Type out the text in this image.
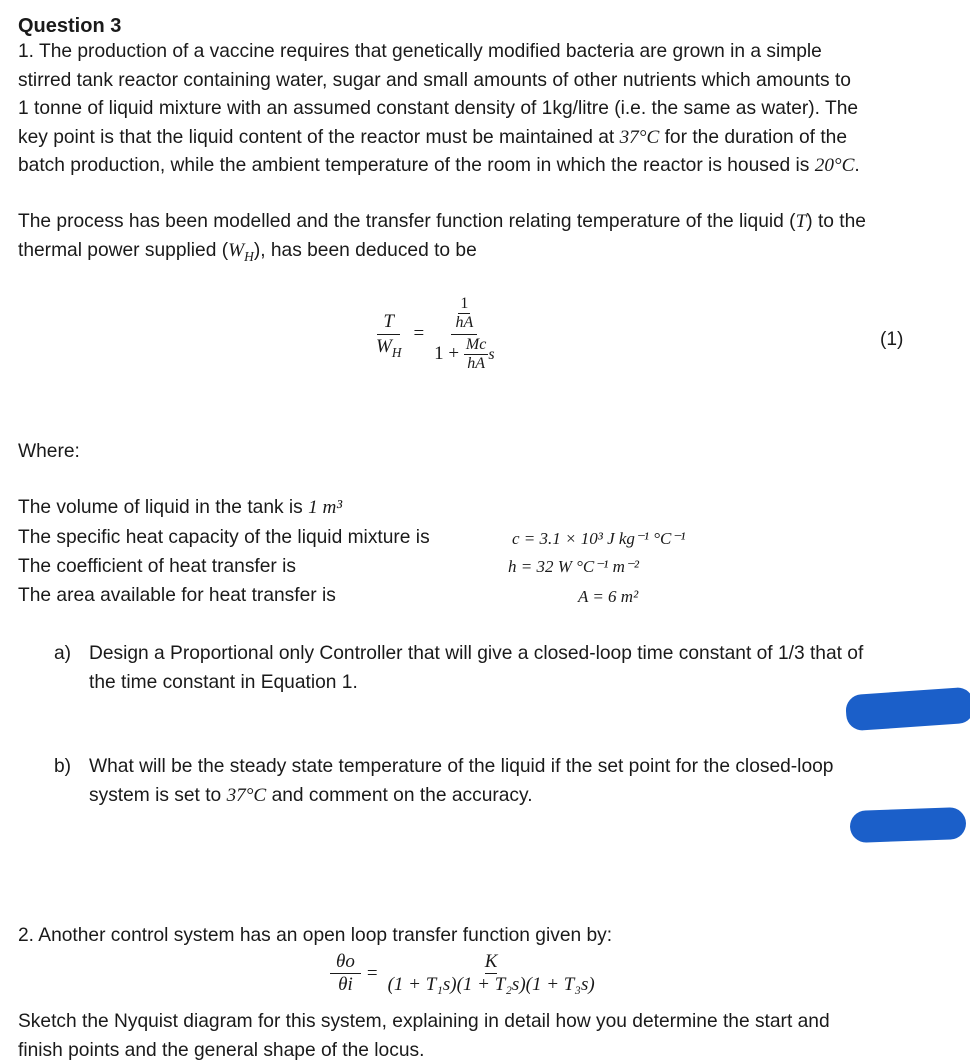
Question 3
1. The production of a vaccine requires that genetically modified bacteria are grown in a simple
stirred tank reactor containing water, sugar and small amounts of other nutrients which amounts to
1 tonne of liquid mixture with an assumed constant density of 1kg/litre (i.e. the same as water). The
key point is that the liquid content of the reactor must be maintained at 37°C for the duration of the
batch production, while the ambient temperature of the room in which the reactor is housed is 20°C.
The process has been modelled and the transfer function relating temperature of the liquid (T) to the
thermal power supplied $(W_H)$, has been deduced to be
$\frac{T}{W_H} = \frac{\frac{1}{hA}}{1 + \frac{Mc}{hA} s}$	(1)
Where:
The volume of liquid in the tank is 1 m³
The specific heat capacity of the liquid mixture is
The coefficient of heat transfer is
The area available for heat transfer is
c = 3.1 × 10³ J kg⁻¹ °C⁻¹
h = 32 W °C⁻¹ m⁻²
A = 6 m²
a) Design a Proportional only Controller that will give a closed-loop time constant of 1/3 that of
the time constant in Equation 1.
b) What will be the steady state temperature of the liquid if the set point for the closed-loop
system is set to 37°C and comment on the accuracy.
2. Another control system has an open loop transfer function given by:
$\frac{\theta o}{\theta i} = \frac{K}{\text{(1 + T₁s)(1 + T₂s)(1 + T₃s)}}$
Sketch the Nyquist diagram for this system, explaining in detail how you determine the start and
finish points and the general shape of the locus.
